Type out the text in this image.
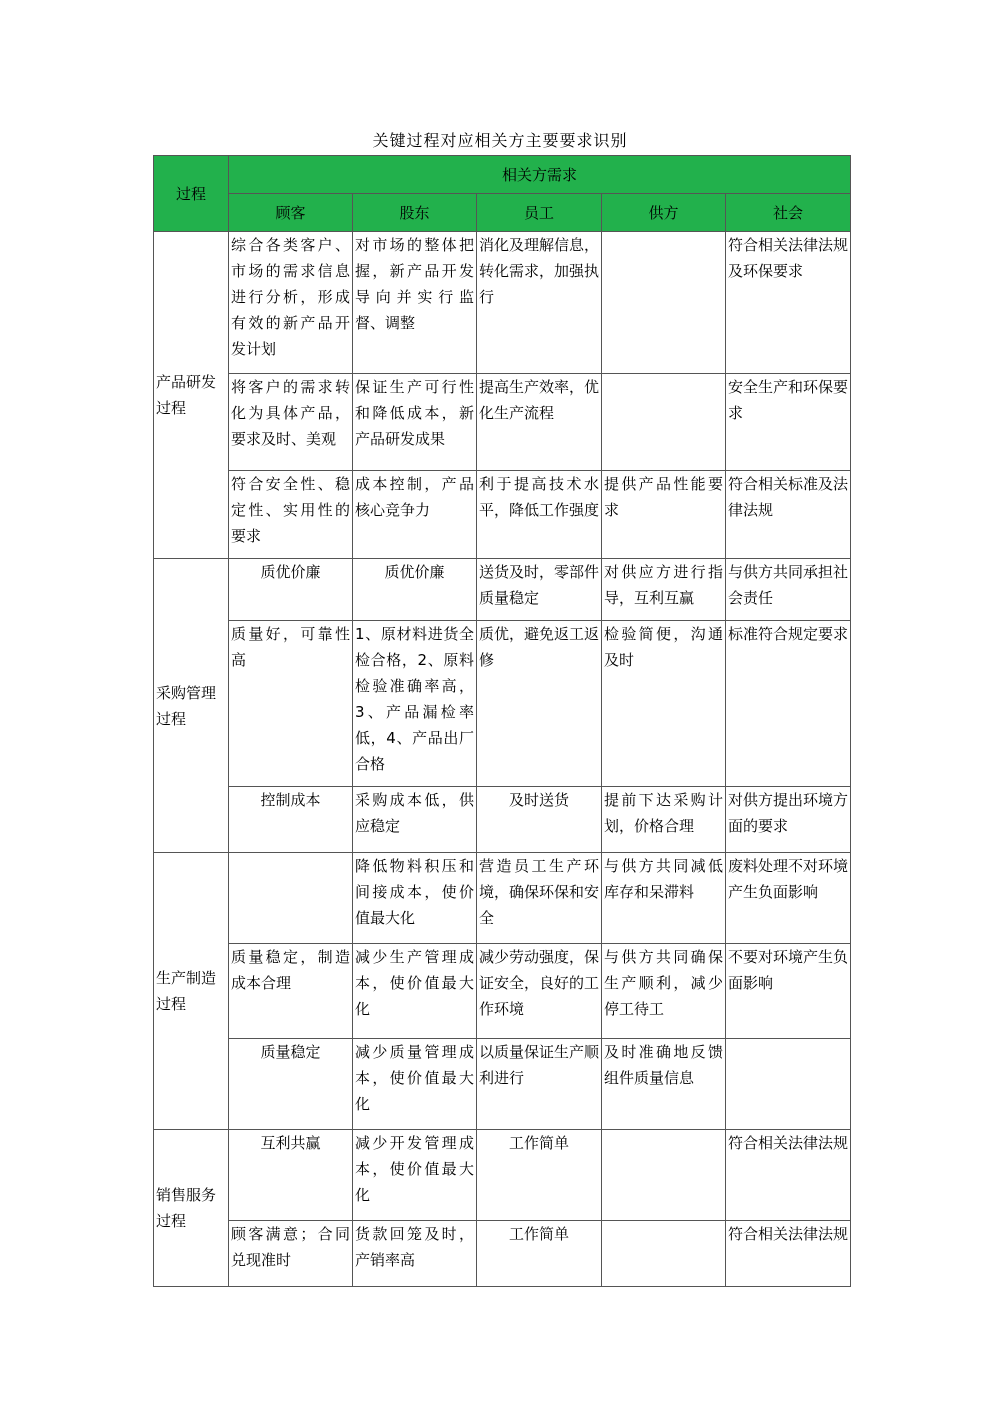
关键过程对应相关方主要要求识别
过程	相关方需求				
	顾客	股东	员工	供方	社会
产品研发过程	综合各类客户、市场的需求信息进行分析，形成有效的新产品开发计划	对市场的整体把握，新产品开发导向并实行监督、调整	消化及理解信息，转化需求，加强执行		符合相关法律法规及环保要求
	将客户的需求转化为具体产品，要求及时、美观	保证生产可行性和降低成本，新产品研发成果	提高生产效率，优化生产流程		安全生产和环保要求
	符合安全性、稳定性、实用性的要求	成本控制，产品核心竞争力	利于提高技术水平，降低工作强度	提供产品性能要求	符合相关标准及法律法规
采购管理过程	质优价廉	质优价廉	送货及时，零部件质量稳定	对供应方进行指导，互利互赢	与供方共同承担社会责任
	质量好，可靠性高	1、原材料进货全检合格，2、原料检验准确率高，3、产品漏检率低，4、产品出厂合格	质优，避免返工返修	检验简便，沟通及时	标准符合规定要求
	控制成本	采购成本低，供应稳定	及时送货	提前下达采购计划，价格合理	对供方提出环境方面的要求
生产制造过程		降低物料积压和间接成本，使价值最大化	营造员工生产环境，确保环保和安全	与供方共同减低库存和呆滞料	废料处理不对环境产生负面影响
	质量稳定，制造成本合理	减少生产管理成本，使价值最大化	减少劳动强度，保证安全，良好的工作环境	与供方共同确保生产顺利，减少停工待工	不要对环境产生负面影响
	质量稳定	减少质量管理成本，使价值最大化	以质量保证生产顺利进行	及时准确地反馈组件质量信息	
销售服务过程	互利共赢	减少开发管理成本，使价值最大化	工作简单		符合相关法律法规
	顾客满意；合同兑现准时	货款回笼及时，产销率高	工作简单		符合相关法律法规
